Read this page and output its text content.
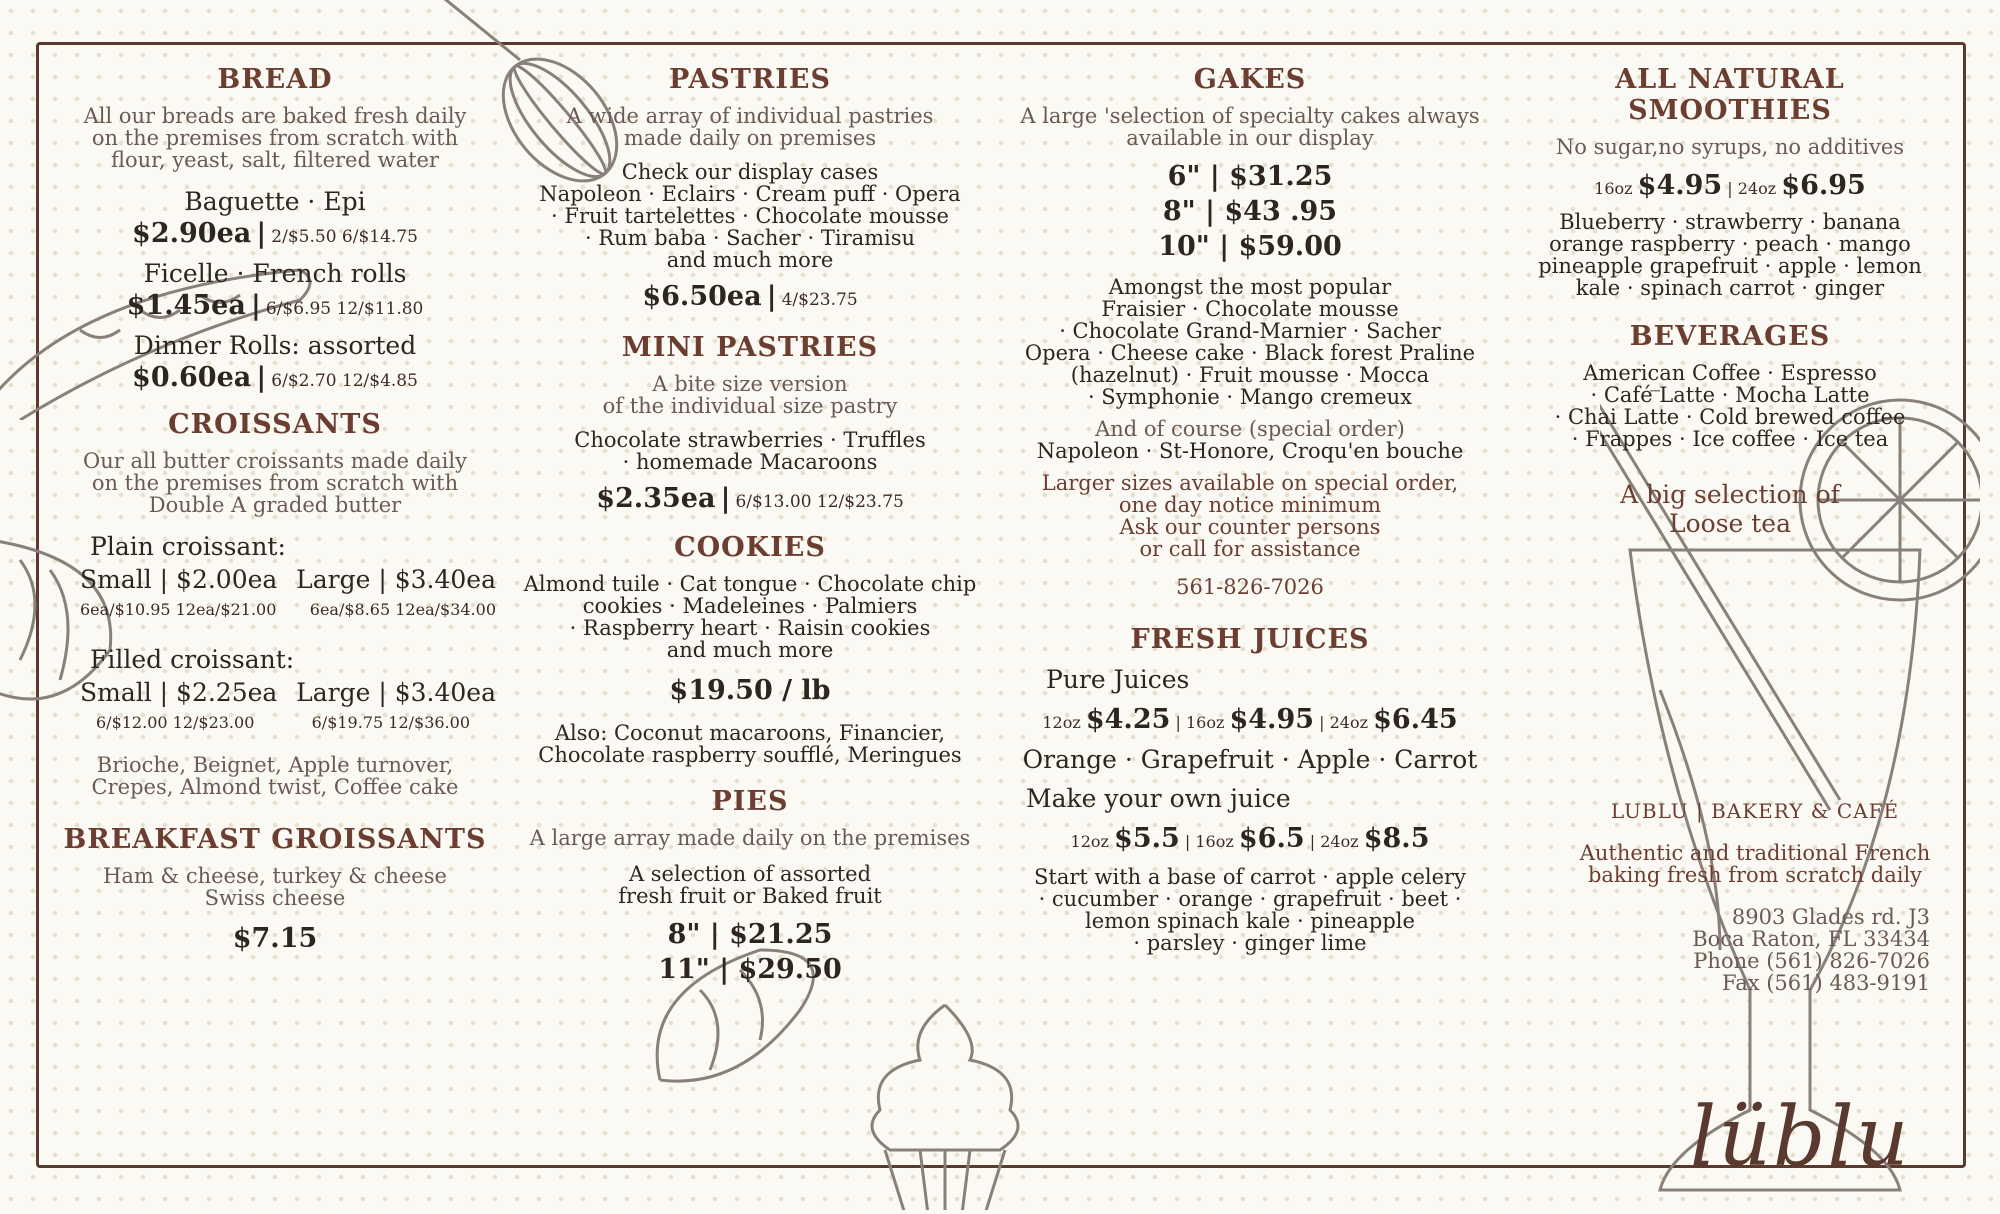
BREAD

All our breads are baked fresh daily

on the premises from scratch with

flour, yeast, salt, filtered water

Baguette · Epi

$2.90ea | 2/$5.50 6/$14.75

Ficelle · French rolls

$1.45ea | 6/$6.95 12/$11.80

Dinner Rolls: assorted

$0.60ea | 6/$2.70 12/$4.85

CROISSANTS

Our all butter croissants made daily

on the premises from scratch with

Double A graded butter

Plain croissant:

Small | $2.00ea Large | $3.40ea
6ea/$10.95 12ea/$21.00 6ea/$8.65 12ea/$34.00

Filled croissant:

Small | $2.25ea Large | $3.40ea
6/$12.00 12/$23.00	6/$19.75 12/$36.00

Brioche, Beignet, Apple turnover,

Crepes, Almond twist, Coffee cake

BREAKFAST GROISSANTS

Ham & cheese, turkey & cheese

Swiss cheese

$7.15

PASTRIES

A wide array of individual pastries

made daily on premises

Check our display cases

Napoleon · Eclairs · Cream puff · Opera

· Fruit tartelettes · Chocolate mousse

· Rum baba · Sacher · Tiramisu

and much more

$6.50ea | 4/$23.75

MINI PASTRIES

A bite size version

of the individual size pastry

Chocolate strawberries · Truffles

· homemade Macaroons

$2.35ea | 6/$13.00 12/$23.75

COOKIES

Almond tuile · Cat tongue · Chocolate chip

cookies · Madeleines · Palmiers

· Raspberry heart · Raisin cookies

and much more

$19.50 / lb

Also: Coconut macaroons, Financier,

Chocolate raspberry soufflé, Meringues

PIES

A large array made daily on the premises

A selection of assorted

fresh fruit or Baked fruit

8" | $21.25

11" | $29.50

GAKES

A large 'selection of specialty cakes always

available in our display

6" | $31.25

8" | $43 .95

10" | $59.00

Amongst the most popular

Fraisier · Chocolate mousse

· Chocolate Grand-Marnier · Sacher

Opera · Cheese cake · Black forest Praline

(hazelnut) · Fruit mousse · Mocca

· Symphonie · Mango cremeux

And of course (special order)

Napoleon · St-Honore, Croqu'en bouche

Larger sizes available on special order,

one day notice minimum

Ask our counter persons

or call for assistance

561-826-7026

FRESH JUICES

Pure Juices

12oz $4.25 | 16oz $4.95 | 24oz $6.45

Orange · Grapefruit · Apple · Carrot

Make your own juice

12oz $5.5 | 16oz $6.5 | 24oz $8.5

Start with a base of carrot · apple celery

· cucumber · orange · grapefruit · beet ·

lemon spinach kale · pineapple

· parsley · ginger lime

ALL NATURAL SMOOTHIES

No sugar,no syrups, no additives

16oz $4.95 | 24oz $6.95

Blueberry · strawberry · banana

orange raspberry · peach · mango

pineapple grapefruit · apple · lemon

kale · spinach carrot · ginger

BEVERAGES

American Coffee · Espresso

· Café Latte · Mocha Latte

· Chai Latte · Cold brewed coffee

· Frappes · Ice coffee · Ice tea

A big selection of

Loose tea

LUBLU | BAKERY & CAFÉ

Authentic and traditional French

baking fresh from scratch daily

8903 Glades rd. J3

Boca Raton, FL 33434

Phone (561) 826-7026

Fax (561) 483-9191

lüblu
